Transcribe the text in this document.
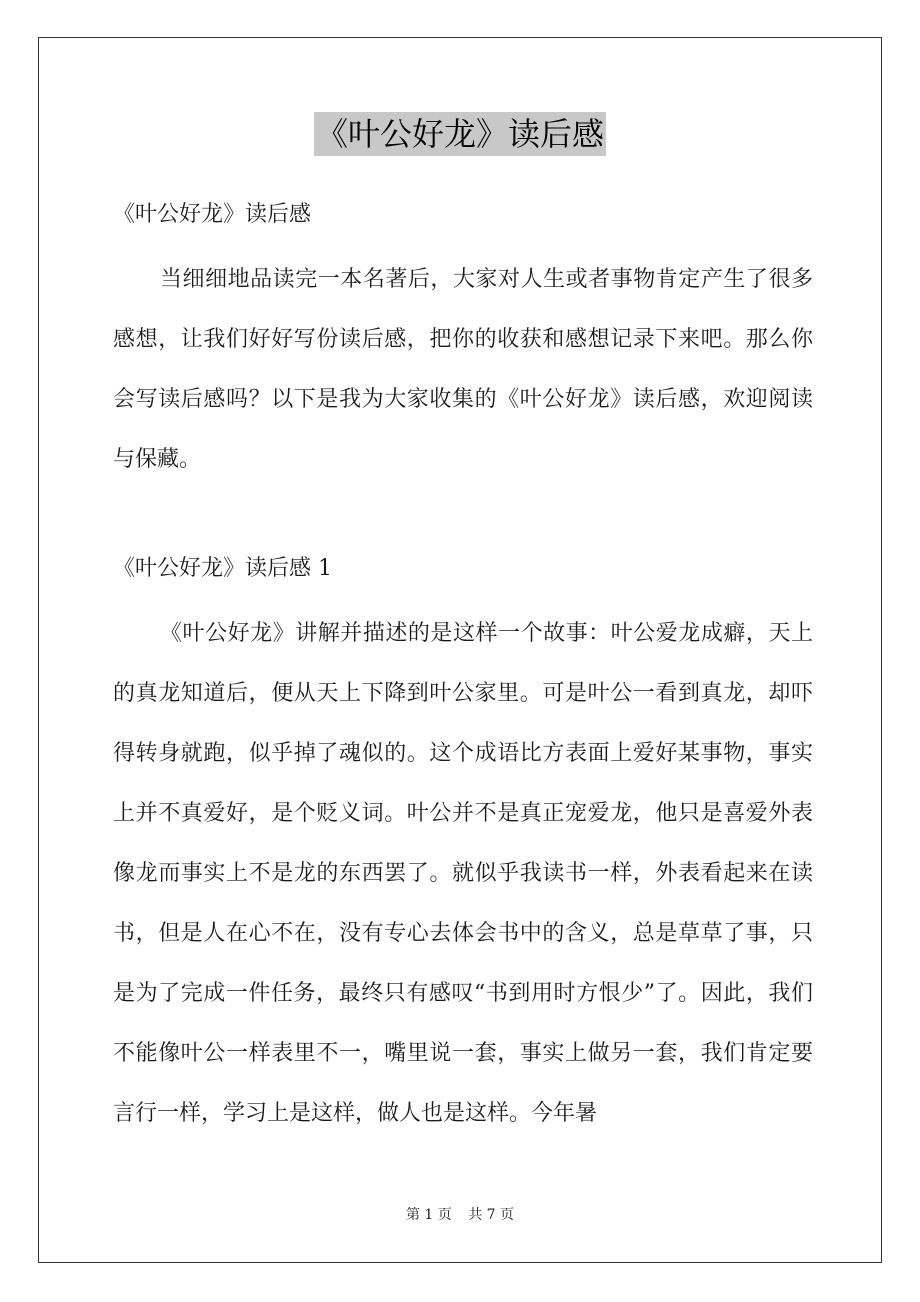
《叶公好龙》读后感

《叶公好龙》读后感

当细细地品读完一本名著后，大家对人生或者事物肯定产生了很多感想，让我们好好写份读后感，把你的收获和感想记录下来吧。那么你会写读后感吗？以下是我为大家收集的《叶公好龙》读后感，欢迎阅读与保藏。

《叶公好龙》读后感 1

《叶公好龙》讲解并描述的是这样一个故事：叶公爱龙成癖，天上的真龙知道后，便从天上下降到叶公家里。可是叶公一看到真龙，却吓得转身就跑，似乎掉了魂似的。这个成语比方表面上爱好某事物，事实上并不真爱好，是个贬义词。叶公并不是真正宠爱龙，他只是喜爱外表像龙而事实上不是龙的东西罢了。就似乎我读书一样，外表看起来在读书，但是人在心不在，没有专心去体会书中的含义，总是草草了事，只是为了完成一件任务，最终只有感叹“书到用时方恨少”了。因此，我们不能像叶公一样表里不一，嘴里说一套，事实上做另一套，我们肯定要言行一样，学习上是这样，做人也是这样。今年暑

第 1 页 共 7 页
